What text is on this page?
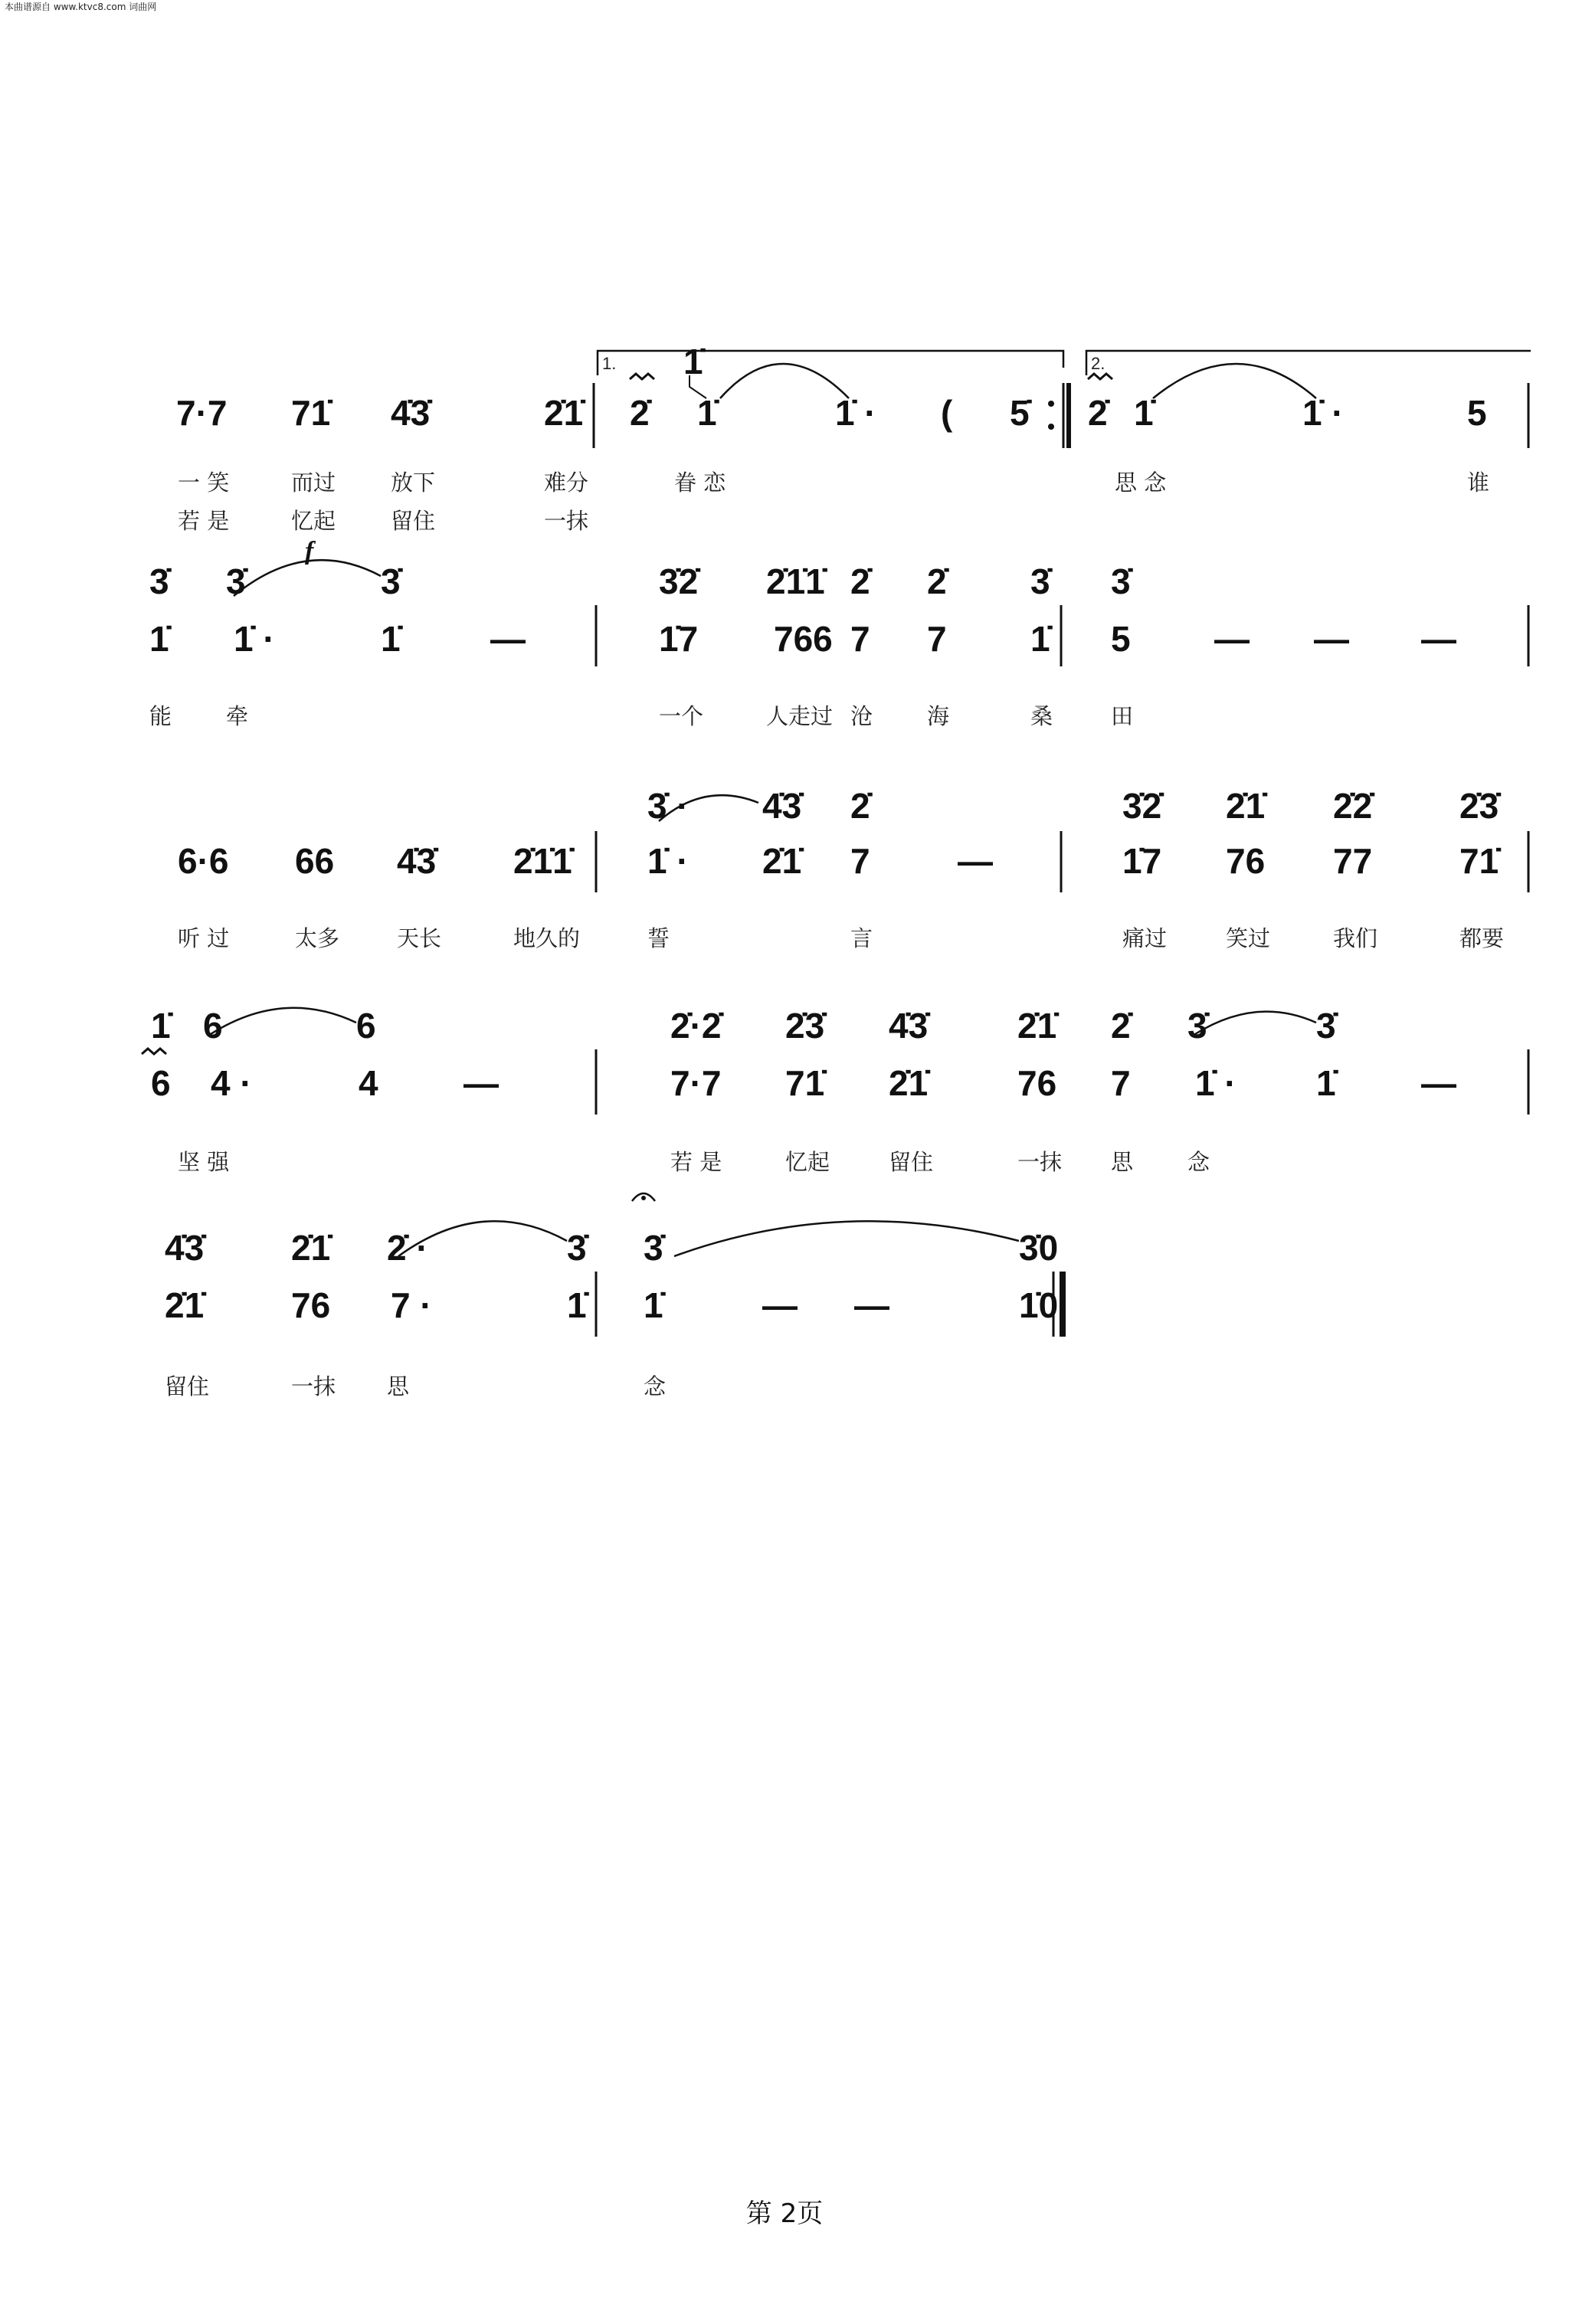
本曲谱源自 www.ktvc8.com 词曲网
1.	2.
1̇
f
7·7 71̇ 4̇3̇	2̇1̇ 2̇ 1̇	1̇ · ( 5̇ 2̇ 1̇	1̇ ·	5
一 笑	而过 放下	难分	眷 恋	思 念	谁
若 是	忆起 留住	一抹
3̇ 3̇	3̇	3̇2̇ 2̇1̇1̇ 2̇ 2̇ 3̇ 3̇
1̇ 1̇ ·	1̇	—	1̇7 766 7 7 1̇ 5 — — —
能 牵	一个	人走过 沧 海	桑	田
3̇ · 4̇3̇ 2̇	3̇2̇ 2̇1̇ 2̇2̇ 2̇3̇
6·6 66 4̇3̇ 2̇1̇1̇ 1̇ · 2̇1̇ 7 —	1̇7 76 77 71̇
听 过	太多	天长	地久的	誓	言	痛过	笑过	我们	都要
1̇ 6	6	2̇·2̇ 2̇3̇ 4̇3̇	2̇1̇ 2̇ 3̇	3̇
6 4 ·	4 —	7·7 71̇ 2̇1̇	76 7 1̇ · 1̇ —
坚 强	若 是	忆起	留住	一抹 思 念
4̇3̇ 2̇1̇ 2̇ ·	3̇ 3̇	3̇0
2̇1̇ 76 7 ·	1̇ 1̇	— —	1̇0
留住	一抹 思	念
第 2页
